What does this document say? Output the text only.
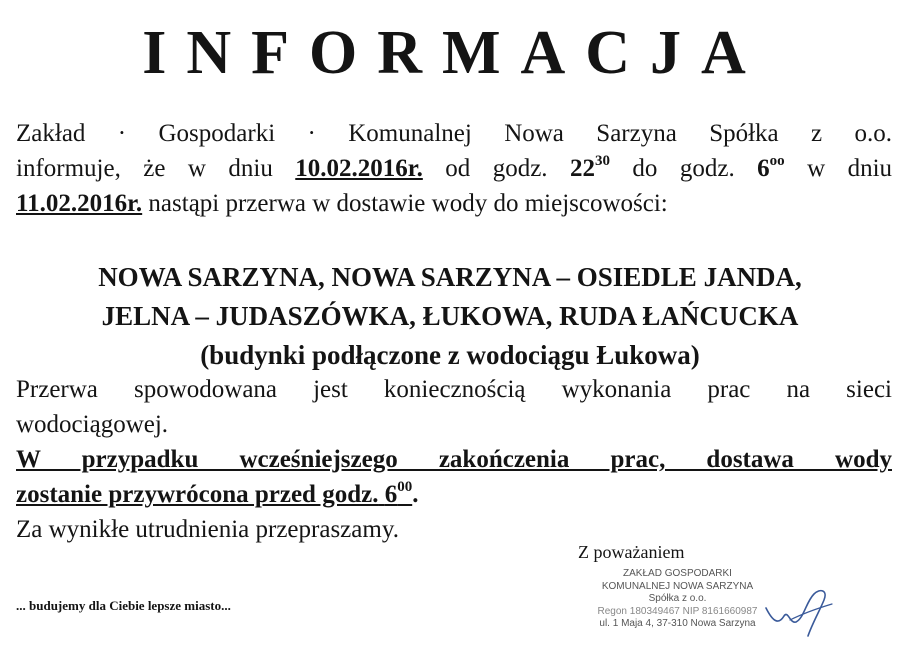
INFORMACJA
Zakład · Gospodarki · Komunalnej Nowa Sarzyna Spółka z o.o.
informuje, że w dniu 10.02.2016r. od godz. $22^{30}$ do godz. $6^{oo}$ w dniu
11.02.2016r. nastąpi przerwa w dostawie wody do miejscowości:
NOWA SARZYNA, NOWA SARZYNA – OSIEDLE JANDA,
JELNA – JUDASZÓWKA, ŁUKOWA, RUDA ŁAŃCUCKA
(budynki podłączone z wodociągu Łukowa)
Przerwa spowodowana jest koniecznością wykonania prac na sieci
wodociągowej.
W przypadku wcześniejszego zakończenia prac, dostawa wody
zostanie przywrócona przed godz. $6^{00}$.
Za wynikłe utrudnienia przepraszamy.
Z poważaniem
ZAKŁAD GOSPODARKI
KOMUNALNEJ NOWA SARZYNA
Spółka z o.o.
Regon 180349467 NIP 8161660987
ul. 1 Maja 4, 37-310 Nowa Sarzyna
... budujemy dla Ciebie lepsze miasto...
